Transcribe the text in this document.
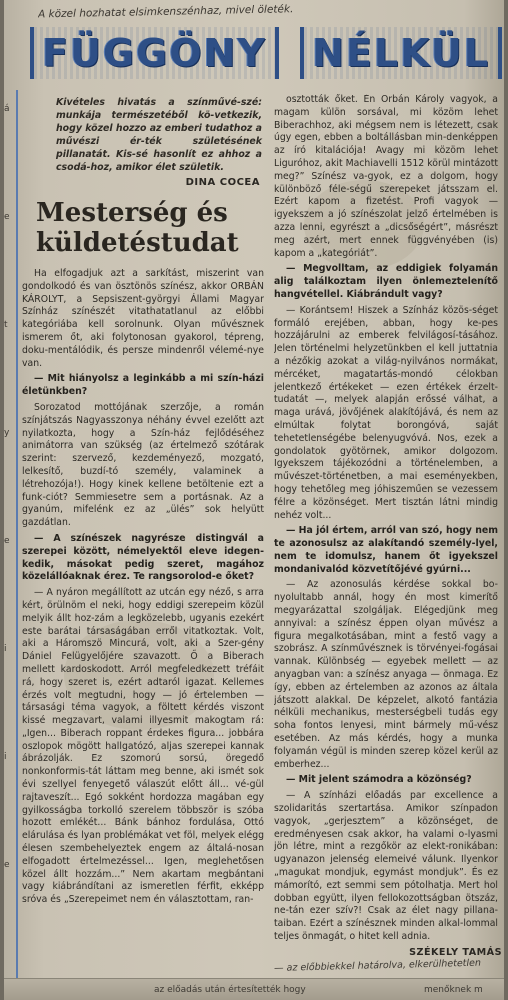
A közel hozhatat elsimkenszénhaz, mivel öleték.
FÜGGÖNY	NÉLKÜL
á
e
t
y
e
i
i
e

Kivételes hivatás a színművé-szé: munkája természetéből kö-vetkezik, hogy közel hozzo az emberi tudathoz a művészi ér-ték születésének pillanatát. Kis-sé hasonlít ez ahhoz a csodá-hoz, amikor élet születik.

DINA COCEA
Mesterség és
küldetéstudat

Ha elfogadjuk azt a sarkítást, miszerint van gondolkodó és van ösztönös színész, akkor ORBÁN KÁROLYT, a Sepsiszent-györgyi Állami Magyar Színház színészét vitathatatlanul az előbbi kategóriába kell sorolnunk. Olyan művésznek ismerem őt, aki folytonosan gyakorol, tépreng, doku-mentálódik, és persze mindenről vélemé-nye van.

— Mit hiányolsz a leginkább a mi szín-házi életünkben?

Sorozatod mottójának szerzője, a román színjátszás Nagyasszonya néhány évvel ezelőtt azt nyilatkozta, hogy a Szín-ház fejlődéséhez animátorra van szükség (az értelmező szótárak szerint: szervező, kezdeményező, mozgató, lelkesítő, buzdí-tó személy, valaminek a létrehozója!). Hogy kinek kellene betöltenie ezt a funk-ciót? Semmiesetre sem a portásnak. Az a gyanúm, mifelénk ez az „ülés” sok helyütt gazdátlan.

— A színészek nagyrésze distingvál a szerepei között, némelyektől eleve idegen-kedik, másokat pedig szeret, magához közelállóaknak érez. Te rangsorolod-e őket?

— A nyáron megállított az utcán egy néző, s arra kért, örülnöm el neki, hogy eddigi szerepeim közül melyik állt hoz-zám a legközelebb, ugyanis ezekért este barátai társaságában erről vitatkoztak. Volt, aki a Háromszö Mincurá, volt, aki a Szer-gény Dániel Felügyelőjére szavazott. Ő a Biberach mellett kardoskodott. Arról megfeledkezett tréfáit rá, hogy szeret is, ezért adtaról igazat. Kellemes érzés volt megtudni, hogy — jó értelemben — társasági téma vagyok, a föltett kérdés viszont kissé megzavart, valami illyesmit makogtam rá: „Igen... Biberach roppant érdekes figura... jobbára oszlopok mögött hallgatózó, aljas szerepei kannak ábrázolják. Ez szomorú sorsú, öregedő nonkonformis-tát láttam meg benne, aki ismét sok évi szellyel fenyegető válaszút előtt áll... vé-gül rajtaveszít... Egó sokként hordozza magában egy gyilkosságba torkolló szerelem többször is szóba hozott emlékét... Bánk bánhoz fordulása, Ottó elárulása és lyan problémákat vet föl, melyek elégg élesen szembehelyeztek engem az általá-nosan elfogadott értelmezéssel... Igen, meglehetősen közel állt hozzám...” Nem akartam megbántani vagy kiábrándítani az ismeretlen férfit, ekképp sróva és „Szerepeimet nem én választottam, ran-

osztották őket. Én Orbán Károly vagyok, a magam külön sorsával, mi közöm lehet Biberachhoz, aki mégsem nem is létezett, csak úgy egen, ebben a boltállásban min-denképpen az író kitalációja! Avagy mi közöm lehet Liguróhoz, akit Machiavelli 1512 körül mintázott meg?” Színész va-gyok, ez a dolgom, hogy különböző féle-ségű szerepeket játsszam el. Ezért kapom a fizetést. Profi vagyok — igyekszem a jó színészolat jelző értelmében is azza lenni, egyrészt a „dicsőségért”, másrészt meg azért, mert ennek függvényében (is) kapom a „kategóriát”.

— Megvolltam, az eddigiek folyamán alig találkoztam ilyen önlemeztelenítő hangvétellel. Kiábrándult vagy?

— Korántsem! Hiszek a Színház közös-séget formáló erejében, abban, hogy ke-pes hozzájárulni az emberek felvilágosí-tásához. Jelen történelmi helyzetünkben el kell juttatnia a nézőkig azokat a világ-nyilvános normákat, mércéket, magatartás-mondó célokban jelentkező értékeket — ezen értékek érzelt-tudatát —, melyek alapján erőssé válhat, a maga urává, jövőjének alakítójává, és nem az elmúltak folytat borongóvá, saját tehetetlenségébe belenyugvóvá. Nos, ezek a gondolatok gyötörnek, amikor dolgozom. Igyekszem tájékozódni a történelemben, a művészet-történetben, a mai eseményekben, hogy tehetőleg meg jóhiszeműen se vezessem félre a közönséget. Mert tisztán látni mindig nehéz volt...

— Ha jól értem, arról van szó, hogy nem te azonosulsz az alakítandó személy-lyel, nem te idomulsz, hanem őt igyekszel mondanivalód közvetítőjévé gyúrni...

— Az azonosulás kérdése sokkal bo-nyolultabb annál, hogy én most kimerítő megyarázattal szolgáljak. Elégedjünk meg annyival: a színész éppen olyan művész a figura megalkotásában, mint a festő vagy a szobrász. A színművésznek is törvényei-fogásai vannak. Különbség — egyebek mellett — az anyagban van: a színész anyaga — önmaga. Ez így, ebben az értelemben az azonos az általa játszott alakkal. De képzelet, alkotó fantázia nélküli mechanikus, mesterségbeli tudás egy soha fontos lenyesi, mint bármely mű-vész esetében. Az más kérdés, hogy a munka folyamán végül is minden szerep közel kerül az emberhez...

— Mit jelent számodra a közönség?

— A színházi előadás par excellence a szolidaritás szertartása. Amikor színpadon vagyok, „gerjesztem” a közönséget, de eredményesen csak akkor, ha valami o-lyasmi jön létre, mint a rezgőkör az elekt-ronikában: ugyanazon jelenség elemeivé válunk. Ilyenkor „magukat mondjuk, egymást mondjuk”. És ez mámorító, ezt semmi sem pótolhatja. Mert hol dobban együtt, ilyen fellokozottságban ötszáz, ne-tán ezer szív?! Csak az élet nagy pillana-taiban. Ezért a színésznek minden alkal-lommal teljes önmagát, o hitet kell adnia.

SZÉKELY TAMÁS
— az előbbiekkel határolva, elkerülhetetlen
az előadás után értesítették hogy	menőknek m
